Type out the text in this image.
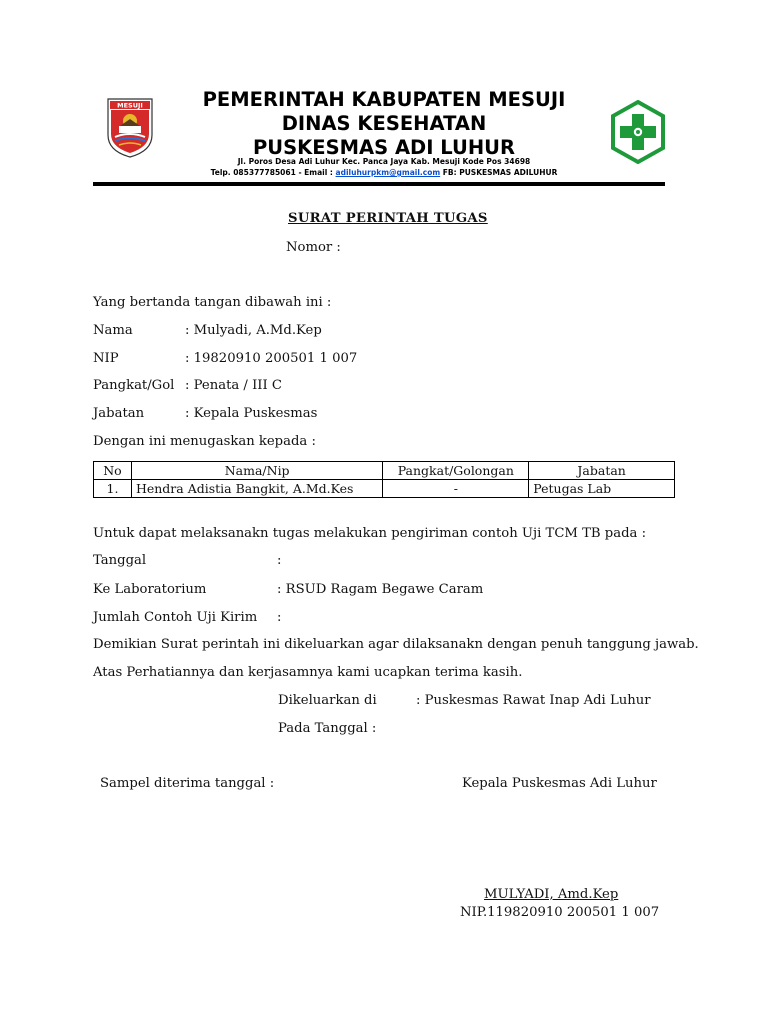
MESUJI	PEMERINTAH KABUPATEN MESUJI
DINAS KESEHATAN
PUSKESMAS ADI LUHUR
Jl. Poros Desa Adi Luhur Kec. Panca Jaya Kab. Mesuji Kode Pos 34698
Telp. 085377785061 - Email : adiluhurpkm@gmail.com FB: PUSKESMAS ADILUHUR
SURAT PERINTAH TUGAS
Nomor :
Yang bertanda tangan dibawah ini :
Nama	: Mulyadi, A.Md.Kep
NIP	: 19820910 200501 1 007
Pangkat/Gol : Penata / III C
Jabatan	: Kepala Puskesmas
Dengan ini menugaskan kepada :
No	Nama/Nip	Pangkat/Golongan	Jabatan
1.	Hendra Adistia Bangkit, A.Md.Kes	-	Petugas Lab
Untuk dapat melaksanakn tugas melakukan pengiriman contoh Uji TCM TB pada :
Tanggal	:
Ke Laboratorium	: RSUD Ragam Begawe Caram
Jumlah Contoh Uji Kirim :
Demikian Surat perintah ini dikeluarkan agar dilaksanakn dengan penuh tanggung jawab.
Atas Perhatiannya dan kerjasamnya kami ucapkan terima kasih.
Dikeluarkan di	: Puskesmas Rawat Inap Adi Luhur
Pada Tanggal :
Sampel diterima tanggal :	Kepala Puskesmas Adi Luhur
MULYADI, Amd.Kep
NIP.119820910 200501 1 007
